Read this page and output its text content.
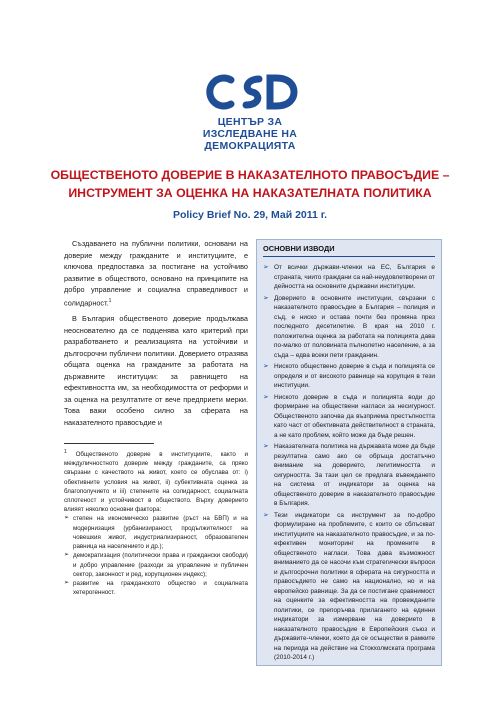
ЦЕНТЪР ЗА
ИЗСЛЕДВАНЕ НА
ДЕМОКРАЦИЯТА
ОБЩЕСТВЕНОТО ДОВЕРИЕ В НАКАЗАТЕЛНОТО ПРАВОСЪДИЕ –
ИНСТРУМЕНТ ЗА ОЦЕНКА НА НАКАЗАТЕЛНАТА ПОЛИТИКА
Policy Brief No. 29, Май 2011 г.

Създаването на публични политики, основани на доверие между гражданите и институциите, е ключова предпоставка за постигане на устойчиво развитие в обществото, основано на принципите на добро управление и социална справедливост и солидарност.$^1$

В България общественото доверие продължава неоснователно да се подценява като критерий при разработването и реализацията на устойчиви и дългосрочни публични политики. Доверието отразява общата оценка на гражданите за работата на държавните институции: за равнището на ефективността им, за необходимостта от реформи и за оценка на резултатите от вече предприети мерки. Това важи особено силно за сферата на наказателното правосъдие и

$^1$ Общественото доверие в институциите, както и междуличностното доверие между гражданите, са пряко свързани с качеството на живот, което се обуслава от: i) обективните условия на живот, ii) субективната оценка за благополучието и iii) степените на солидарност, социалната сплотеност и устойчивост в обществото. Върху доверието влияят няколко основни фактора:

➢ степен на икономическо развитие (ръст на БВП) и на модернизация (урбанизираност, продължителност на човешкия живот, индустриализираност, образователен равница на населението и др.);
➢ демократизация (политически права и граждански свободи) и добро управление (разходи за управление и публичен сектор, законност и ред, корупционен индекс);
➢ развитие на гражданското общество и социалната хетерогенност.
ОСНОВНИ ИЗВОДИ
➢ От всички държави-членки на ЕС, България е страната, чиито граждани са най-неудовлетворени от дейността на основните държавни институции.
➢ Доверието в основните институции, свързани с наказателното правосъдие в България – полиция и съд, е ниско и остава почти без промяна през последното десетилетие. В края на 2010 г. положителна оценка за работата на полицията дава по-малко от половината пълнолетно население, а за съда – едва всеки пети гражданин.
➢ Ниското обществено доверие в съда и полицията се определя и от високото равнище на корупция в тези институции.
➢ Ниското доверие в съда и полицията води до формиране на обществени нагласи за несигурност. Общественото започва да възприема престъпността като част от обективната действителност в страната, а не като проблем, който може да бъде решен.
➢ Наказателната политика на държавата може да бъде резултатна само ако се обръща достатъчно внимание на доверието, легитимността и сигурността. За тази цел се предлага въвеждането на система от индикатори за оценка на общественото доверие в наказателното правосъдие в България.
➢ Тези индикатори са инструмент за по-добро формулиране на проблемите, с които се сблъскват институциите на наказателното правосъдие, и за по-ефективен мониторинг на промените в общественото нагласи. Това дава възможност вниманието да се насочи към стратегически въпроси и дългосрочни политики в сферата на сигурността и правосъдието не само на национално, но и на европейско равнище. За да се постигане сравнимост на оценките за ефективността на провежданите политики, се препоръчва прилагането на единни индикатори за измерване на доверието в наказателното правосъдие в Европейския съюз и държавите-членки, което да се осъществи в рамките на периода на действие на Стокхолмската програма (2010-2014 г.)
